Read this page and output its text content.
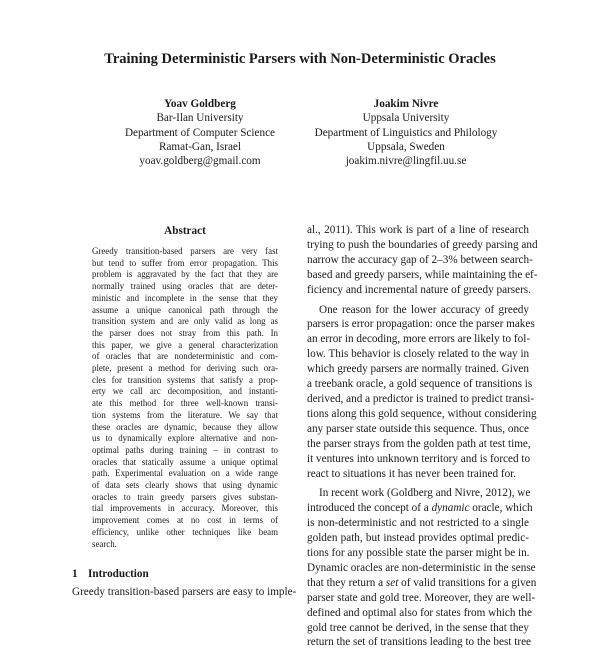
Training Deterministic Parsers with Non-Deterministic Oracles
Yoav Goldberg
Bar-Ilan University
Department of Computer Science
Ramat-Gan, Israel
yoav.goldberg@gmail.com
Joakim Nivre
Uppsala University
Department of Linguistics and Philology
Uppsala, Sweden
joakim.nivre@lingfil.uu.se
Abstract
Greedy transition-based parsers are very fast
but tend to suffer from error propagation. This
problem is aggravated by the fact that they are
normally trained using oracles that are deter-
ministic and incomplete in the sense that they
assume a unique canonical path through the
transition system and are only valid as long as
the parser does not stray from this path. In
this paper, we give a general characterization
of oracles that are nondeterministic and com-
plete, present a method for deriving such ora-
cles for transition systems that satisfy a prop-
erty we call arc decomposition, and instanti-
ate this method for three well-known transi-
tion systems from the literature. We say that
these oracles are dynamic, because they allow
us to dynamically explore alternative and non-
optimal paths during training – in contrast to
oracles that statically assume a unique optimal
path. Experimental evaluation on a wide range
of data sets clearly shows that using dynamic
oracles to train greedy parsers gives substan-
tial improvements in accuracy. Moreover, this
improvement comes at no cost in terms of
efficiency, unlike other techniques like beam
search.
1 Introduction
Greedy transition-based parsers are easy to imple-
al., 2011). This work is part of a line of research
trying to push the boundaries of greedy parsing and
narrow the accuracy gap of 2–3% between search-
based and greedy parsers, while maintaining the ef-
ficiency and incremental nature of greedy parsers.
One reason for the lower accuracy of greedy
parsers is error propagation: once the parser makes
an error in decoding, more errors are likely to fol-
low. This behavior is closely related to the way in
which greedy parsers are normally trained. Given
a treebank oracle, a gold sequence of transitions is
derived, and a predictor is trained to predict transi-
tions along this gold sequence, without considering
any parser state outside this sequence. Thus, once
the parser strays from the golden path at test time,
it ventures into unknown territory and is forced to
react to situations it has never been trained for.
In recent work (Goldberg and Nivre, 2012), we
introduced the concept of a dynamic oracle, which
is non-deterministic and not restricted to a single
golden path, but instead provides optimal predic-
tions for any possible state the parser might be in.
Dynamic oracles are non-deterministic in the sense
that they return a set of valid transitions for a given
parser state and gold tree. Moreover, they are well-
defined and optimal also for states from which the
gold tree cannot be derived, in the sense that they
return the set of transitions leading to the best tree
